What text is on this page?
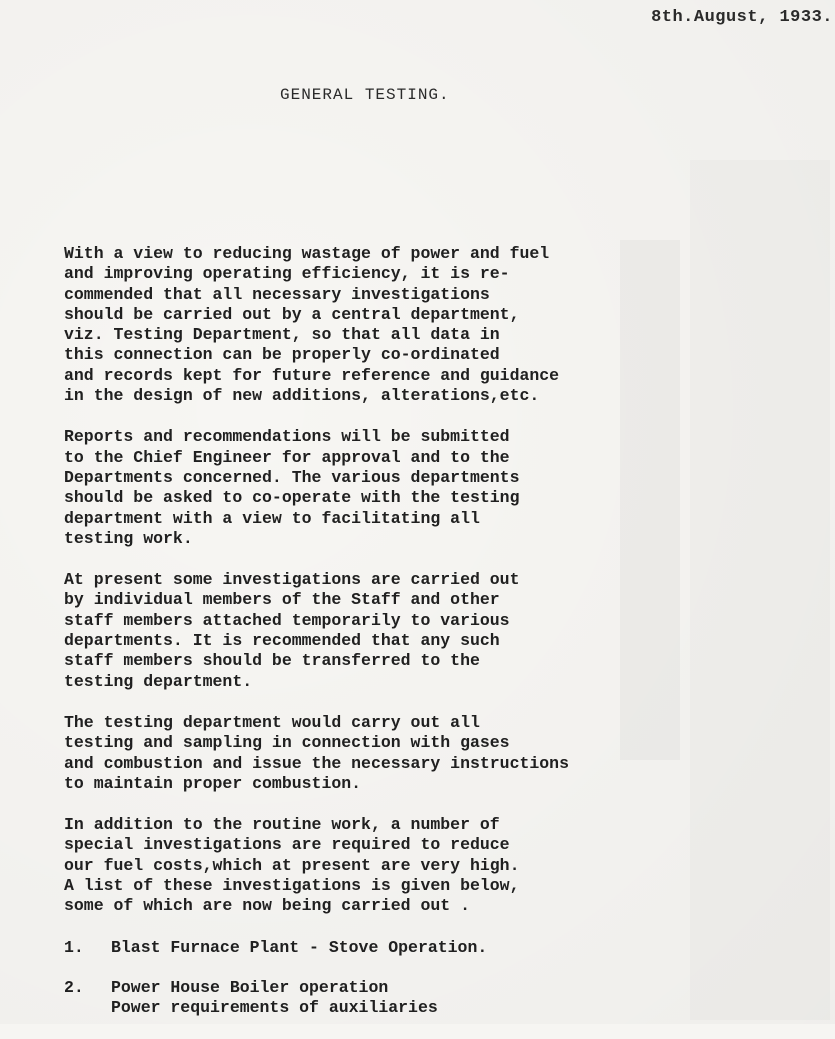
8th.August, 1933.
GENERAL TESTING.

With a view to reducing wastage of power and fuel
and improving operating efficiency, it is re-
commended that all necessary investigations
should be carried out by a central department,
viz. Testing Department, so that all data in
this connection can be properly co-ordinated
and records kept for future reference and guidance
in the design of new additions, alterations,etc.

Reports and recommendations will be submitted
to the Chief Engineer for approval and to the
Departments concerned. The various departments
should be asked to co-operate with the testing
department with a view to facilitating all
testing work.

At present some investigations are carried out
by individual members of the Staff and other
staff members attached temporarily to various
departments. It is recommended that any such
staff members should be transferred to the
testing department.

The testing department would carry out all
testing and sampling in connection with gases
and combustion and issue the necessary instructions
to maintain proper combustion.

In addition to the routine work, a number of
special investigations are required to reduce
our fuel costs,which at present are very high.
A list of these investigations is given below,
some of which are now being carried out .

1.	Blast Furnace Plant - Stove Operation.
2.	Power House Boiler operation
Power requirements of auxiliaries
